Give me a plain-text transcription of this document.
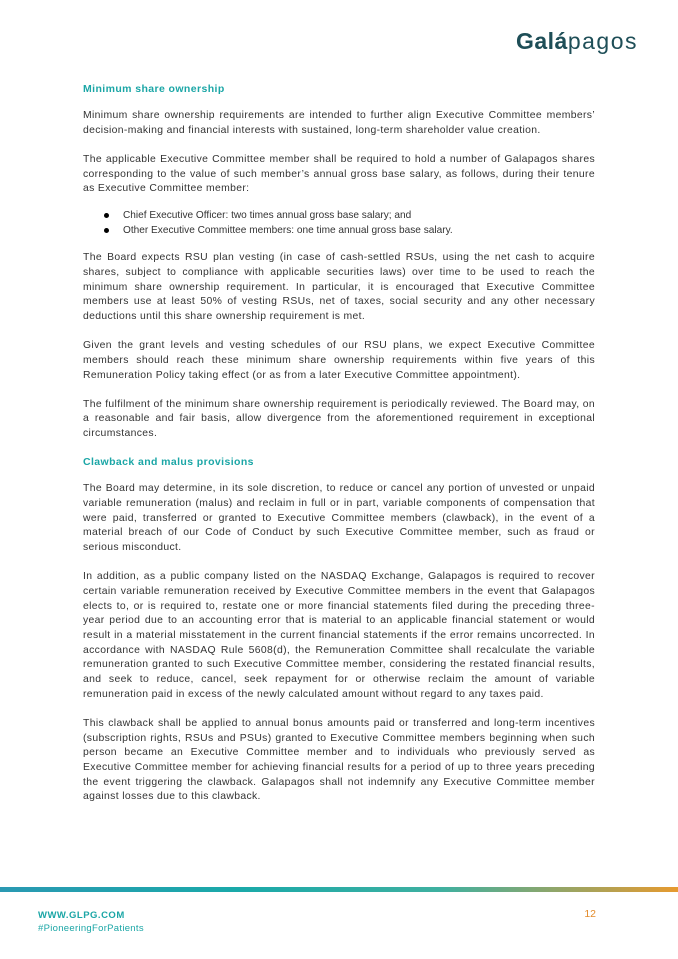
Galápagos
Minimum share ownership

Minimum share ownership requirements are intended to further align Executive Committee members’ decision-making and financial interests with sustained, long-term shareholder value creation.

The applicable Executive Committee member shall be required to hold a number of Galapagos shares corresponding to the value of such member’s annual gross base salary, as follows, during their tenure as Executive Committee member:

Chief Executive Officer: two times annual gross base salary; and
Other Executive Committee members: one time annual gross base salary.

The Board expects RSU plan vesting (in case of cash-settled RSUs, using the net cash to acquire shares, subject to compliance with applicable securities laws) over time to be used to reach the minimum share ownership requirement. In particular, it is encouraged that Executive Committee members use at least 50% of vesting RSUs, net of taxes, social security and any other necessary deductions until this share ownership requirement is met.

Given the grant levels and vesting schedules of our RSU plans, we expect Executive Committee members should reach these minimum share ownership requirements within five years of this Remuneration Policy taking effect (or as from a later Executive Committee appointment).

The fulfilment of the minimum share ownership requirement is periodically reviewed. The Board may, on a reasonable and fair basis, allow divergence from the aforementioned requirement in exceptional circumstances.

Clawback and malus provisions

The Board may determine, in its sole discretion, to reduce or cancel any portion of unvested or unpaid variable remuneration (malus) and reclaim in full or in part, variable components of compensation that were paid, transferred or granted to Executive Committee members (clawback), in the event of a material breach of our Code of Conduct by such Executive Committee member, such as fraud or serious misconduct.

In addition, as a public company listed on the NASDAQ Exchange, Galapagos is required to recover certain variable remuneration received by Executive Committee members in the event that Galapagos elects to, or is required to, restate one or more financial statements filed during the preceding three-year period due to an accounting error that is material to an applicable financial statement or would result in a material misstatement in the current financial statements if the error remains uncorrected. In accordance with NASDAQ Rule 5608(d), the Remuneration Committee shall recalculate the variable remuneration granted to such Executive Committee member, considering the restated financial results, and seek to reduce, cancel, seek repayment for or otherwise reclaim the amount of variable remuneration paid in excess of the newly calculated amount without regard to any taxes paid.

This clawback shall be applied to annual bonus amounts paid or transferred and long-term incentives (subscription rights, RSUs and PSUs) granted to Executive Committee members beginning when such person became an Executive Committee member and to individuals who previously served as Executive Committee member for achieving financial results for a period of up to three years preceding the event triggering the clawback. Galapagos shall not indemnify any Executive Committee member against losses due to this clawback.

WWW.GLPG.COM
#PioneeringForPatients
12
